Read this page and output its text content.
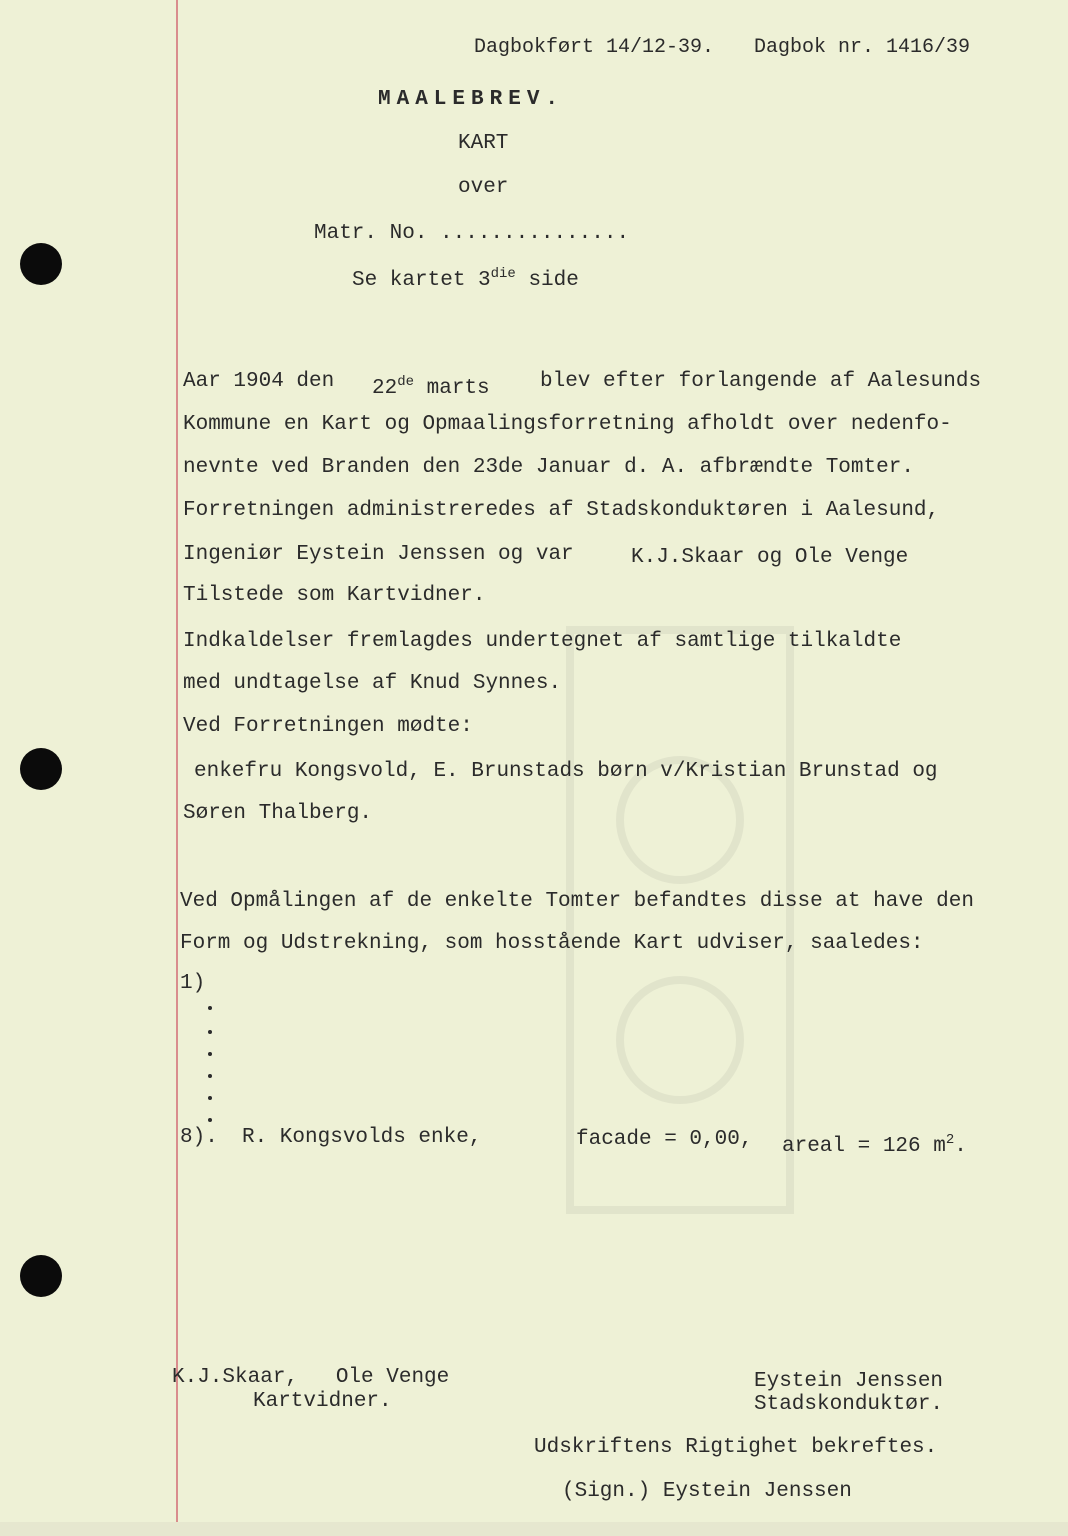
Dagbokført 14/12-39. Dagbok nr. 1416/39
MAALEBREV.
KART
over
Matr. No. ...............
Se kartet $3^{die}$ side
Aar 1904 den 22de marts blev efter forlangende af Aalesunds
Kommune en Kart og Opmaalingsforretning afholdt over nedenfo-
nevnte ved Branden den 23de Januar d. A. afbrændte Tomter.
Forretningen administreredes af Stadskonduktøren i Aalesund,
Ingeniør Eystein Jenssen og var	K.J.Skaar og Ole Venge
Tilstede som Kartvidner.
Indkaldelser fremlagdes undertegnet af samtlige tilkaldte
med undtagelse af Knud Synnes.
Ved Forretningen mødte:
enkefru Kongsvold, E. Brunstads børn v/Kristian Brunstad og
Søren Thalberg.
Ved Opmålingen af de enkelte Tomter befandtes disse at have den
Form og Udstrekning, som hosstående Kart udviser, saaledes:
1)
8). R. Kongsvolds enke,	facade = 0,00, areal = 126 $m^2$.
K.J.Skaar,   Ole Venge
Kartvidner.
Eystein Jenssen
Stadskonduktør.
Udskriftens Rigtighet bekreftes.
(Sign.) Eystein Jenssen
